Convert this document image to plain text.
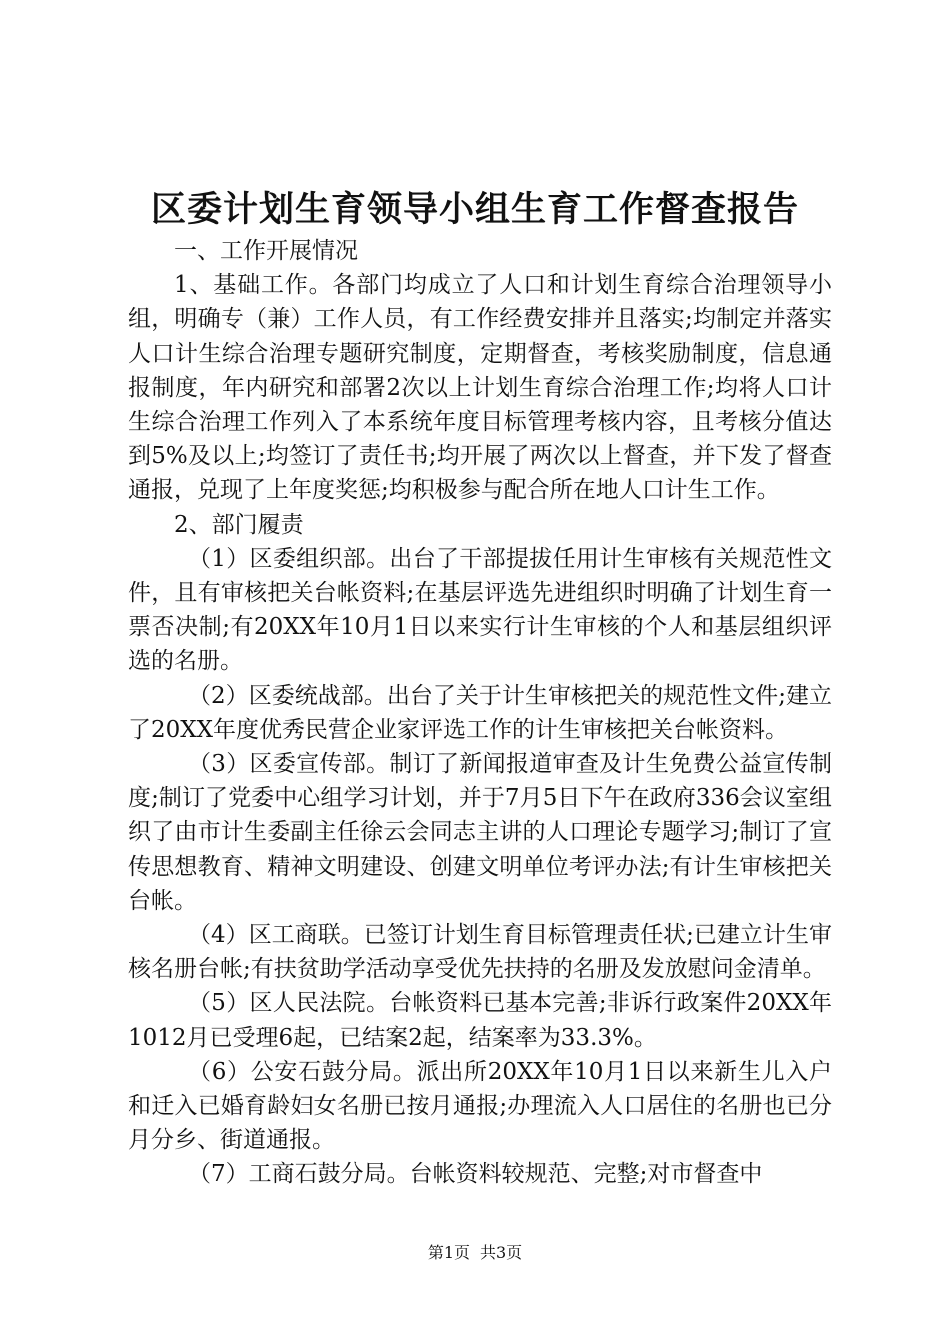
区委计划生育领导小组生育工作督查报告

一、工作开展情况

1、基础工作。各部门均成立了人口和计划生育综合治理领导小组，明确专（兼）工作人员，有工作经费安排并且落实;均制定并落实人口计生综合治理专题研究制度，定期督查，考核奖励制度，信息通报制度，年内研究和部署2次以上计划生育综合治理工作;均将人口计生综合治理工作列入了本系统年度目标管理考核内容，且考核分值达到5%及以上;均签订了责任书;均开展了两次以上督查，并下发了督查通报，兑现了上年度奖惩;均积极参与配合所在地人口计生工作。

2、部门履责

（1）区委组织部。出台了干部提拔任用计生审核有关规范性文件，且有审核把关台帐资料;在基层评选先进组织时明确了计划生育一票否决制;有20XX年10月1日以来实行计生审核的个人和基层组织评选的名册。

（2）区委统战部。出台了关于计生审核把关的规范性文件;建立了20XX年度优秀民营企业家评选工作的计生审核把关台帐资料。

（3）区委宣传部。制订了新闻报道审查及计生免费公益宣传制度;制订了党委中心组学习计划，并于7月5日下午在政府336会议室组织了由市计生委副主任徐云会同志主讲的人口理论专题学习;制订了宣传思想教育、精神文明建设、创建文明单位考评办法;有计生审核把关台帐。

（4）区工商联。已签订计划生育目标管理责任状;已建立计生审核名册台帐;有扶贫助学活动享受优先扶持的名册及发放慰问金清单。

（5）区人民法院。台帐资料已基本完善;非诉行政案件20XX年1012月已受理6起，已结案2起，结案率为33.3%。

（6）公安石鼓分局。派出所20XX年10月1日以来新生儿入户和迁入已婚育龄妇女名册已按月通报;办理流入人口居住的名册也已分月分乡、街道通报。

（7）工商石鼓分局。台帐资料较规范、完整;对市督查中

第1页 共3页
